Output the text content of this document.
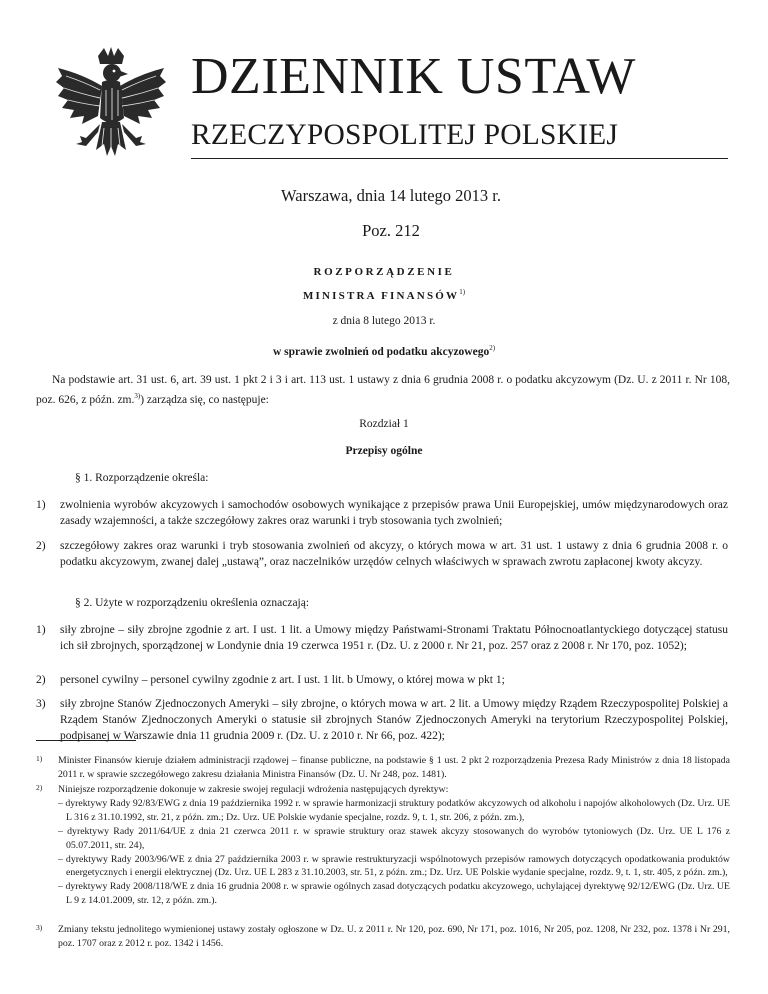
DZIENNIK USTAW
RZECZYPOSPOLITEJ POLSKIEJ
Warszawa, dnia 14 lutego 2013 r.
Poz. 212
ROZPORZĄDZENIE
MINISTRA FINANSÓW$^{1)}$
z dnia 8 lutego 2013 r.
w sprawie zwolnień od podatku akcyzowego$^{2)}$
Na podstawie art. 31 ust. 6, art. 39 ust. 1 pkt 2 i 3 i art. 113 ust. 1 ustawy z dnia 6 grudnia 2008 r. o podatku akcyzowym (Dz. U. z 2011 r. Nr 108, poz. 626, z późn. zm.$^{3)}$) zarządza się, co następuje:
Rozdział 1
Przepisy ogólne
§ 1. Rozporządzenie określa:
1)	zwolnienia wyrobów akcyzowych i samochodów osobowych wynikające z przepisów prawa Unii Europejskiej, umów międzynarodowych oraz zasady wzajemności, a także szczegółowy zakres oraz warunki i tryb stosowania tych zwolnień;
2)	szczegółowy zakres oraz warunki i tryb stosowania zwolnień od akcyzy, o których mowa w art. 31 ust. 1 ustawy z dnia 6 grudnia 2008 r. o podatku akcyzowym, zwanej dalej „ustawą”, oraz naczelników urzędów celnych właściwych w sprawach zwrotu zapłaconej kwoty akcyzy.
§ 2. Użyte w rozporządzeniu określenia oznaczają:
1)	siły zbrojne – siły zbrojne zgodnie z art. I ust. 1 lit. a Umowy między Państwami-Stronami Traktatu Północnoatlantyckiego dotyczącej statusu ich sił zbrojnych, sporządzonej w Londynie dnia 19 czerwca 1951 r. (Dz. U. z 2000 r. Nr 21, poz. 257 oraz z 2008 r. Nr 170, poz. 1052);
2)	personel cywilny – personel cywilny zgodnie z art. I ust. 1 lit. b Umowy, o której mowa w pkt 1;
3)	siły zbrojne Stanów Zjednoczonych Ameryki – siły zbrojne, o których mowa w art. 2 lit. a Umowy między Rządem Rzeczypospolitej Polskiej a Rządem Stanów Zjednoczonych Ameryki o statusie sił zbrojnych Stanów Zjednoczonych Ameryki na terytorium Rzeczypospolitej Polskiej, podpisanej w Warszawie dnia 11 grudnia 2009 r. (Dz. U. z 2010 r. Nr 66, poz. 422);
1) Minister Finansów kieruje działem administracji rządowej – finanse publiczne, na podstawie § 1 ust. 2 pkt 2 rozporządzenia Prezesa Rady Ministrów z dnia 18 listopada 2011 r. w sprawie szczegółowego zakresu działania Ministra Finansów (Dz. U. Nr 248, poz. 1481).
2) Niniejsze rozporządzenie dokonuje w zakresie swojej regulacji wdrożenia następujących dyrektyw:
– dyrektywy Rady 92/83/EWG z dnia 19 października 1992 r. w sprawie harmonizacji struktury podatków akcyzowych od alkoholu i napojów alkoholowych (Dz. Urz. UE L 316 z 31.10.1992, str. 21, z późn. zm.; Dz. Urz. UE Polskie wydanie specjalne, rozdz. 9, t. 1, str. 206, z późn. zm.),
– dyrektywy Rady 2011/64/UE z dnia 21 czerwca 2011 r. w sprawie struktury oraz stawek akcyzy stosowanych do wyrobów tytoniowych (Dz. Urz. UE L 176 z 05.07.2011, str. 24),
– dyrektywy Rady 2003/96/WE z dnia 27 października 2003 r. w sprawie restrukturyzacji wspólnotowych przepisów ramowych dotyczących opodatkowania produktów energetycznych i energii elektrycznej (Dz. Urz. UE L 283 z 31.10.2003, str. 51, z późn. zm.; Dz. Urz. UE Polskie wydanie specjalne, rozdz. 9, t. 1, str. 405, z późn. zm.),
– dyrektywy Rady 2008/118/WE z dnia 16 grudnia 2008 r. w sprawie ogólnych zasad dotyczących podatku akcyzowego, uchylającej dyrektywę 92/12/EWG (Dz. Urz. UE L 9 z 14.01.2009, str. 12, z późn. zm.).
3) Zmiany tekstu jednolitego wymienionej ustawy zostały ogłoszone w Dz. U. z 2011 r. Nr 120, poz. 690, Nr 171, poz. 1016, Nr 205, poz. 1208, Nr 232, poz. 1378 i Nr 291, poz. 1707 oraz z 2012 r. poz. 1342 i 1456.
